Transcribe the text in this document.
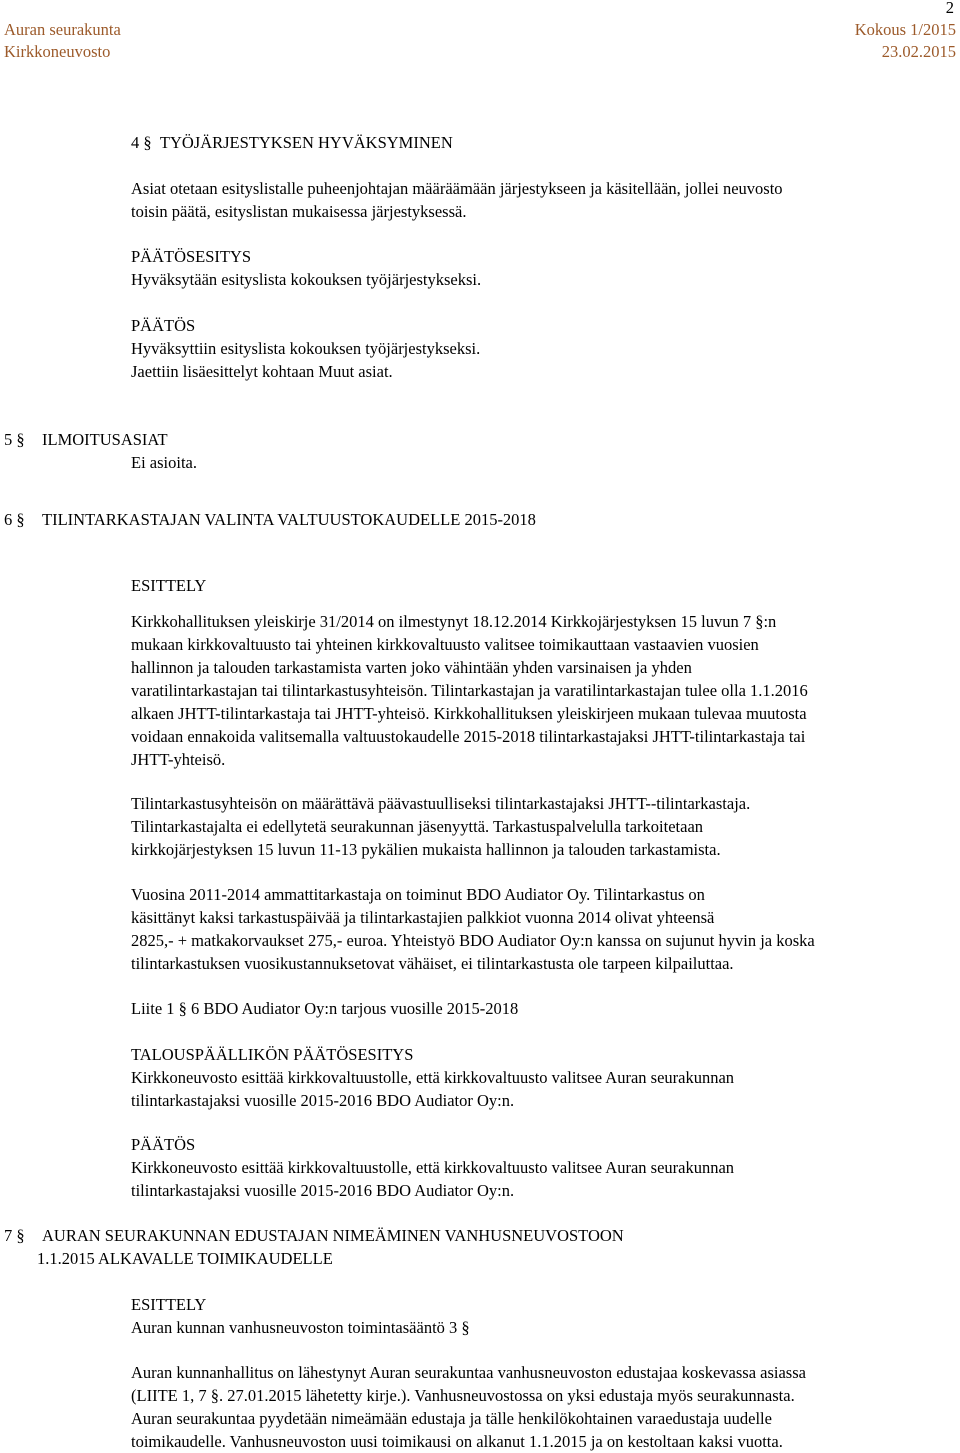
2
Auran seurakunta
Kirkkoneuvosto
Kokous 1/2015
23.02.2015
4 § TYÖJÄRJESTYKSEN HYVÄKSYMINEN
Asiat otetaan esityslistalle puheenjohtajan määräämään järjestykseen ja käsitellään, jollei neuvosto
toisin päätä, esityslistan mukaisessa järjestyksessä.
PÄÄTÖSESITYS
Hyväksytään esityslista kokouksen työjärjestykseksi.
PÄÄTÖS
Hyväksyttiin esityslista kokouksen työjärjestykseksi.
Jaettiin lisäesittelyt kohtaan Muut asiat.
5 § ILMOITUSASIAT
Ei asioita.
6 § TILINTARKASTAJAN VALINTA VALTUUSTOKAUDELLE 2015-2018
ESITTELY
Kirkkohallituksen yleiskirje 31/2014 on ilmestynyt 18.12.2014 Kirkkojärjestyksen 15 luvun 7 §:n
mukaan kirkkovaltuusto tai yhteinen kirkkovaltuusto valitsee toimikauttaan vastaavien vuosien
hallinnon ja talouden tarkastamista varten joko vähintään yhden varsinaisen ja yhden
varatilintarkastajan tai tilintarkastusyhteisön. Tilintarkastajan ja varatilintarkastajan tulee olla 1.1.2016
alkaen JHTT-tilintarkastaja tai JHTT-yhteisö. Kirkkohallituksen yleiskirjeen mukaan tulevaa muutosta
voidaan ennakoida valitsemalla valtuustokaudelle 2015-2018 tilintarkastajaksi JHTT-tilintarkastaja tai
JHTT-yhteisö.
Tilintarkastusyhteisön on määrättävä päävastuulliseksi tilintarkastajaksi JHTT--tilintarkastaja.
Tilintarkastajalta ei edellytetä seurakunnan jäsenyyttä. Tarkastuspalvelulla tarkoitetaan
kirkkojärjestyksen 15 luvun 11-13 pykälien mukaista hallinnon ja talouden tarkastamista.
Vuosina 2011-2014 ammattitarkastaja on toiminut BDO Audiator Oy. Tilintarkastus on
käsittänyt kaksi tarkastuspäivää ja tilintarkastajien palkkiot vuonna 2014 olivat yhteensä
2825,- + matkakorvaukset 275,- euroa. Yhteistyö BDO Audiator Oy:n kanssa on sujunut hyvin ja koska
tilintarkastuksen vuosikustannuksetovat vähäiset, ei tilintarkastusta ole tarpeen kilpailuttaa.
Liite 1 § 6 BDO Audiator Oy:n tarjous vuosille 2015-2018
TALOUSPÄÄLLIKÖN PÄÄTÖSESITYS
Kirkkoneuvosto esittää kirkkovaltuustolle, että kirkkovaltuusto valitsee Auran seurakunnan
tilintarkastajaksi vuosille 2015-2016 BDO Audiator Oy:n.
PÄÄTÖS
Kirkkoneuvosto esittää kirkkovaltuustolle, että kirkkovaltuusto valitsee Auran seurakunnan
tilintarkastajaksi vuosille 2015-2016 BDO Audiator Oy:n.
7 § AURAN SEURAKUNNAN EDUSTAJAN NIMEÄMINEN VANHUSNEUVOSTOON
1.1.2015 ALKAVALLE TOIMIKAUDELLE
ESITTELY
Auran kunnan vanhusneuvoston toimintasääntö 3 §
Auran kunnanhallitus on lähestynyt Auran seurakuntaa vanhusneuvoston edustajaa koskevassa asiassa
(LIITE 1, 7 §. 27.01.2015 lähetetty kirje.). Vanhusneuvostossa on yksi edustaja myös seurakunnasta.
Auran seurakuntaa pyydetään nimeämään edustaja ja tälle henkilökohtainen varaedustaja uudelle
toimikaudelle. Vanhusneuvoston uusi toimikausi on alkanut 1.1.2015 ja on kestoltaan kaksi vuotta.
